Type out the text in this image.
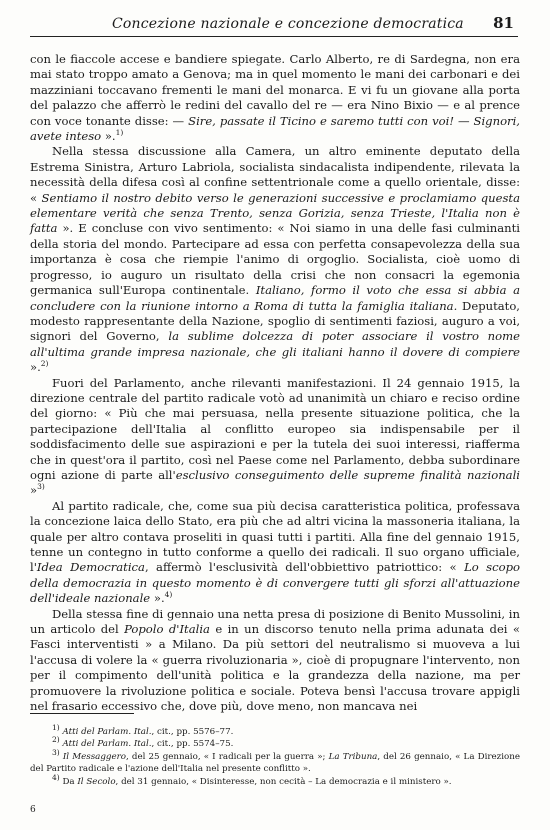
Concezione nazionale e concezione democratica 81

con le fiaccole accese e bandiere spiegate. Carlo Alberto, re di Sardegna, non era mai stato troppo amato a Genova; ma in quel momento le mani dei carbonari e dei mazziniani toccavano frementi le mani del monarca. E vi fu un giovane alla porta del palazzo che afferrò le redini del cavallo del re — era Nino Bixio — e al prence con voce tonante disse: — Sire, passate il Ticino e saremo tutti con voi! — Signori, avete inteso ».$^{1)}$

Nella stessa discussione alla Camera, un altro eminente deputato della Estrema Sinistra, Arturo Labriola, socialista sindacalista indipendente, rilevata la necessità della difesa così al confine settentrionale come a quello orientale, disse: « Sentiamo il nostro debito verso le generazioni successive e proclamiamo questa elementare verità che senza Trento, senza Gorizia, senza Trieste, l'Italia non è fatta ». E concluse con vivo sentimento: « Noi siamo in una delle fasi culminanti della storia del mondo. Partecipare ad essa con perfetta consapevolezza della sua importanza è cosa che riempie l'animo di orgoglio. Socialista, cioè uomo di progresso, io auguro un risultato della crisi che non consacri la egemonia germanica sull'Europa continentale. Italiano, formo il voto che essa si abbia a concludere con la riunione intorno a Roma di tutta la famiglia italiana. Deputato, modesto rappresentante della Nazione, spoglio di sentimenti faziosi, auguro a voi, signori del Governo, la sublime dolcezza di poter associare il vostro nome all'ultima grande impresa nazionale, che gli italiani hanno il dovere di compiere ».$^{2)}$

Fuori del Parlamento, anche rilevanti manifestazioni. Il 24 gennaio 1915, la direzione centrale del partito radicale votò ad unanimità un chiaro e reciso ordine del giorno: « Più che mai persuasa, nella presente situazione politica, che la partecipazione dell'Italia al conflitto europeo sia indispensabile per il soddisfacimento delle sue aspirazioni e per la tutela dei suoi interessi, riafferma che in quest'ora il partito, così nel Paese come nel Parlamento, debba subordinare ogni azione di parte all'esclusivo conseguimento delle supreme finalità nazionali »$^{3)}$

Al partito radicale, che, come sua più decisa caratteristica politica, professava la concezione laica dello Stato, era più che ad altri vicina la massoneria italiana, la quale per altro contava proseliti in quasi tutti i partiti. Alla fine del gennaio 1915, tenne un contegno in tutto conforme a quello dei radicali. Il suo organo ufficiale, l'Idea Democratica, affermò l'esclusività dell'obbiettivo patriottico: « Lo scopo della democrazia in questo momento è di convergere tutti gli sforzi all'attuazione dell'ideale nazionale ».$^{4)}$

Della stessa fine di gennaio una netta presa di posizione di Benito Mussolini, in un articolo del Popolo d'Italia e in un discorso tenuto nella prima adunata dei « Fasci interventisti » a Milano. Da più settori del neutralismo si muoveva a lui l'accusa di volere la « guerra rivoluzionaria », cioè di propugnare l'intervento, non per il compimento dell'unità politica e la grandezza della nazione, ma per promuovere la rivoluzione politica e sociale. Poteva bensì l'accusa trovare appigli nel frasario eccessivo che, dove più, dove meno, non mancava nei

$^{1)}$ Atti del Parlam. Ital., cit., pp. 5576–77.

$^{2)}$ Atti del Parlam. Ital., cit., pp. 5574–75.

$^{3)}$ Il Messaggero, del 25 gennaio, « I radicali per la guerra »; La Tribuna, del 26 gennaio, « La Direzione del Partito radicale e l'azione dell'Italia nel presente conflitto ».

$^{4)}$ Da Il Secolo, del 31 gennaio, « Disinteresse, non cecità – La democrazia e il ministero ».

6
